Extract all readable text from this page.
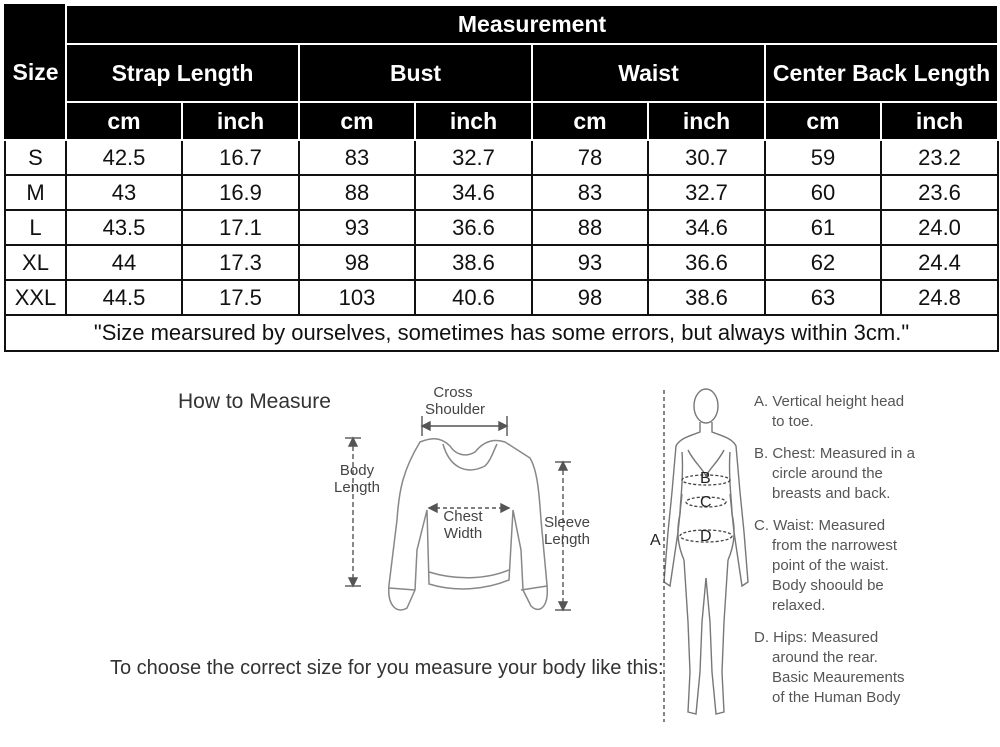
Size	Measurement							
	Strap Length		Bust		Waist		Center Back Length	
	cm	inch	cm	inch	cm	inch	cm	inch
S	42.5	16.7	83	32.7	78	30.7	59	23.2
M	43	16.9	88	34.6	83	32.7	60	23.6
L	43.5	17.1	93	36.6	88	34.6	61	24.0
XL	44	17.3	98	38.6	93	36.6	62	24.4
XXL	44.5	17.5	103	40.6	98	38.6	63	24.8
"Size mearsured by ourselves, sometimes has some errors, but always within 3cm."								
How to Measure
To choose the correct size for you measure your body like this:
Cross Shoulder
Body Length
Chest Width
Sleeve Length	A
B
C
D
A. Vertical height head
to toe.
B. Chest: Measured in a
circle around the
breasts and back.
C. Waist: Measured
from the narrowest
point of the waist.
Body shoould be
relaxed.
D. Hips: Measured
around the rear.
Basic Meaurements
of the Human Body
